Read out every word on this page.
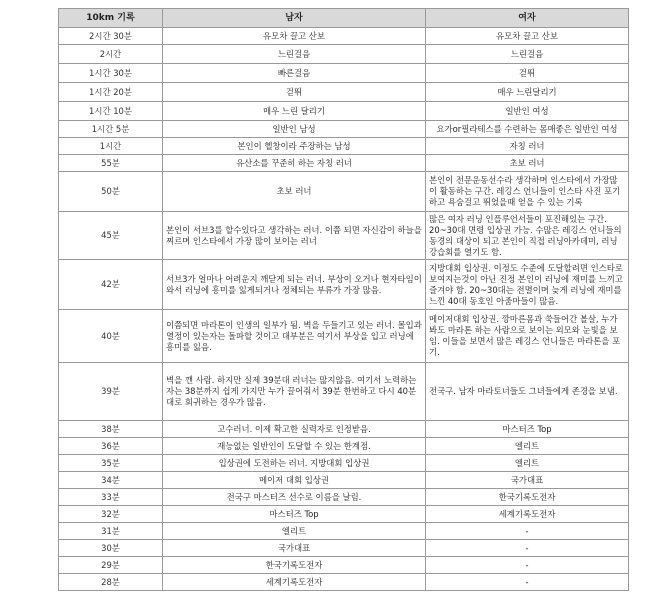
10km 기록	남자	여자
2시간 30분	유모차 끌고 산보	유모차 끌고 산보
2시간	느린걸음	느린걸음
1시간 30분	빠른걸음	걷뛰
1시간 20분	걷뛰	매우 느린달리기
1시간 10분	매우 느린 달리기	일반인 여성
1시간 5분	일반인 남성	요가or필라테스를 수련하는 몸매좋은 일반인 여성
1시간	본인이 헬창이라 주장하는 남성	자칭 러너
55분	유산소를 꾸준히 하는 자칭 러너	초보 러너
50분	초보 러너	본인이 전문운동선수라 생각하며 인스타에서 가장많이 활동하는 구간. 레깅스 언니들이 인스타 사진 포기하고 욕숨걸고 뛰었을때 얻을 수 있는 기록
45분	본인이 서브3를 할수있다고 생각하는 러너. 이쯤 되면 자신감이 하늘을 찌르며 인스타에서 가장 많이 보이는 러너	많은 여자 러닝 인플루언서들이 포진해있는 구간. 20~30대 면령 입상권 가능. 수많은 레깅스 언니들의 동경의 대상이 되고 본인이 직접 러닝아카데미, 러닝 강습회를 열기도 함.
42분	서브3가 얼마나 어려운지 깨닫게 되는 러너. 부상이 오거나 현자타임이 와서 러닝에 흥미를 잃게되거나 정체되는 부류가 가장 많음.	지방대회 입상권. 이정도 수준에 도달할려면 인스타로 보여지는것이 아닌 진정 본인이 러닝에 재미를 느끼고 즐겨야 함. 20~30대는 전멸이며 늦게 러닝에 재미를 느낀 40대 동호인 아줌마들이 많음.
40분	이쯤되면 마라톤이 인생의 일부가 됨. 벽을 두들기고 있는 러너. 몰입과 열정이 있는자는 돌파할 것이고 대부분은 여기서 부상을 입고 러닝에 흥미를 잃음.	메이저대회 입상권. 깡마른몸과 쑥들어간 볼살, 누가봐도 마라톤 하는 사람으로 보이는 외모와 눈빛을 보임. 이들을 보면서 많은 레깅스 언니들은 마라톤을 포기.
39분	벽을 깬 사람. 하지만 실제 39분대 러너는 많지않음. 여기서 노력하는자는 38분까지 쉽게 가지만 누가 끌어줘서 39분 한번하고 다시 40분대로 회귀하는 경우가 많음.	전국구. 남자 마라토너들도 그녀들에게 존경을 보냄.
38분	고수러너. 이제 확고한 실력자로 인정받음.	마스터즈 Top
36분	재능없는 일반인이 도달할 수 있는 한계점.	엘리트
35분	입상권에 도전하는 러너. 지방대회 입상권	엘리트
34분	메이저 대회 입상권	국가대표
33분	전국구 마스터즈 선수로 이름을 날림.	한국기록도전자
32분	마스터즈 Top	세계기록도전자
31분	엘리트	-
30분	국가대표	-
29분	한국기록도전자	-
28분	세계기록도전자	-
